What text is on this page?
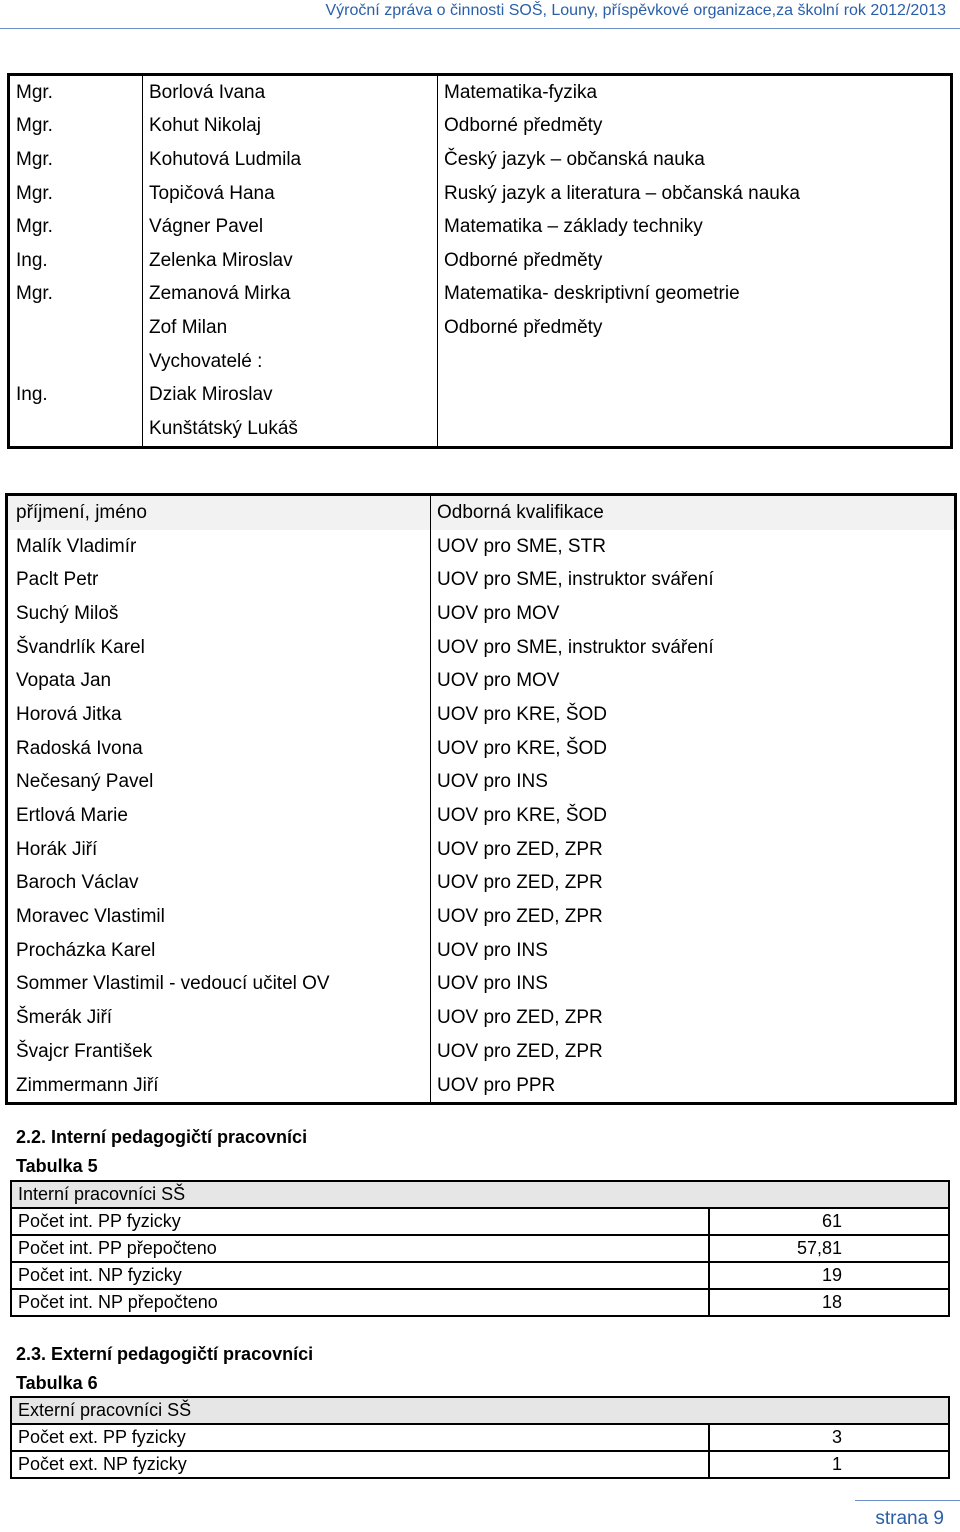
Výroční zpráva o činnosti SOŠ, Louny, příspěvkové organizace,za školní rok 2012/2013
Mgr.	Borlová Ivana	Matematika-fyzika
Mgr.	Kohut Nikolaj	Odborné předměty
Mgr.	Kohutová Ludmila	Český jazyk – občanská nauka
Mgr.	Topičová Hana	Ruský jazyk a literatura – občanská nauka
Mgr.	Vágner Pavel	Matematika – základy techniky
Ing.	Zelenka Miroslav	Odborné předměty
Mgr.	Zemanová Mirka	Matematika- deskriptivní geometrie
	Zof Milan	Odborné předměty
	Vychovatelé :	
Ing.	Dziak Miroslav	
	Kunštátský Lukáš	
příjmení, jméno	Odborná kvalifikace
Malík Vladimír	UOV pro SME, STR
Paclt Petr	UOV pro SME, instruktor sváření
Suchý Miloš	UOV pro MOV
Švandrlík Karel	UOV pro SME, instruktor sváření
Vopata Jan	UOV pro MOV
Horová Jitka	UOV pro KRE, ŠOD
Radoská Ivona	UOV pro KRE, ŠOD
Nečesaný Pavel	UOV pro INS
Ertlová Marie	UOV pro KRE, ŠOD
Horák Jiří	UOV pro ZED, ZPR
Baroch Václav	UOV pro ZED, ZPR
Moravec Vlastimil	UOV pro ZED, ZPR
Procházka Karel	UOV pro INS
Sommer Vlastimil - vedoucí učitel OV	UOV pro INS
Šmerák Jiří	UOV pro ZED, ZPR
Švajcr František	UOV pro ZED, ZPR
Zimmermann Jiří	UOV pro PPR
2.2. Interní pedagogičtí pracovníci
Tabulka 5
Interní pracovníci SŠ	
Počet int. PP fyzicky	61
Počet int. PP přepočteno	57,81
Počet int. NP fyzicky	19
Počet int. NP přepočteno	18
2.3. Externí pedagogičtí pracovníci
Tabulka 6
Externí pracovníci SŠ	
Počet ext. PP fyzicky	3
Počet ext. NP fyzicky	1
strana 9
